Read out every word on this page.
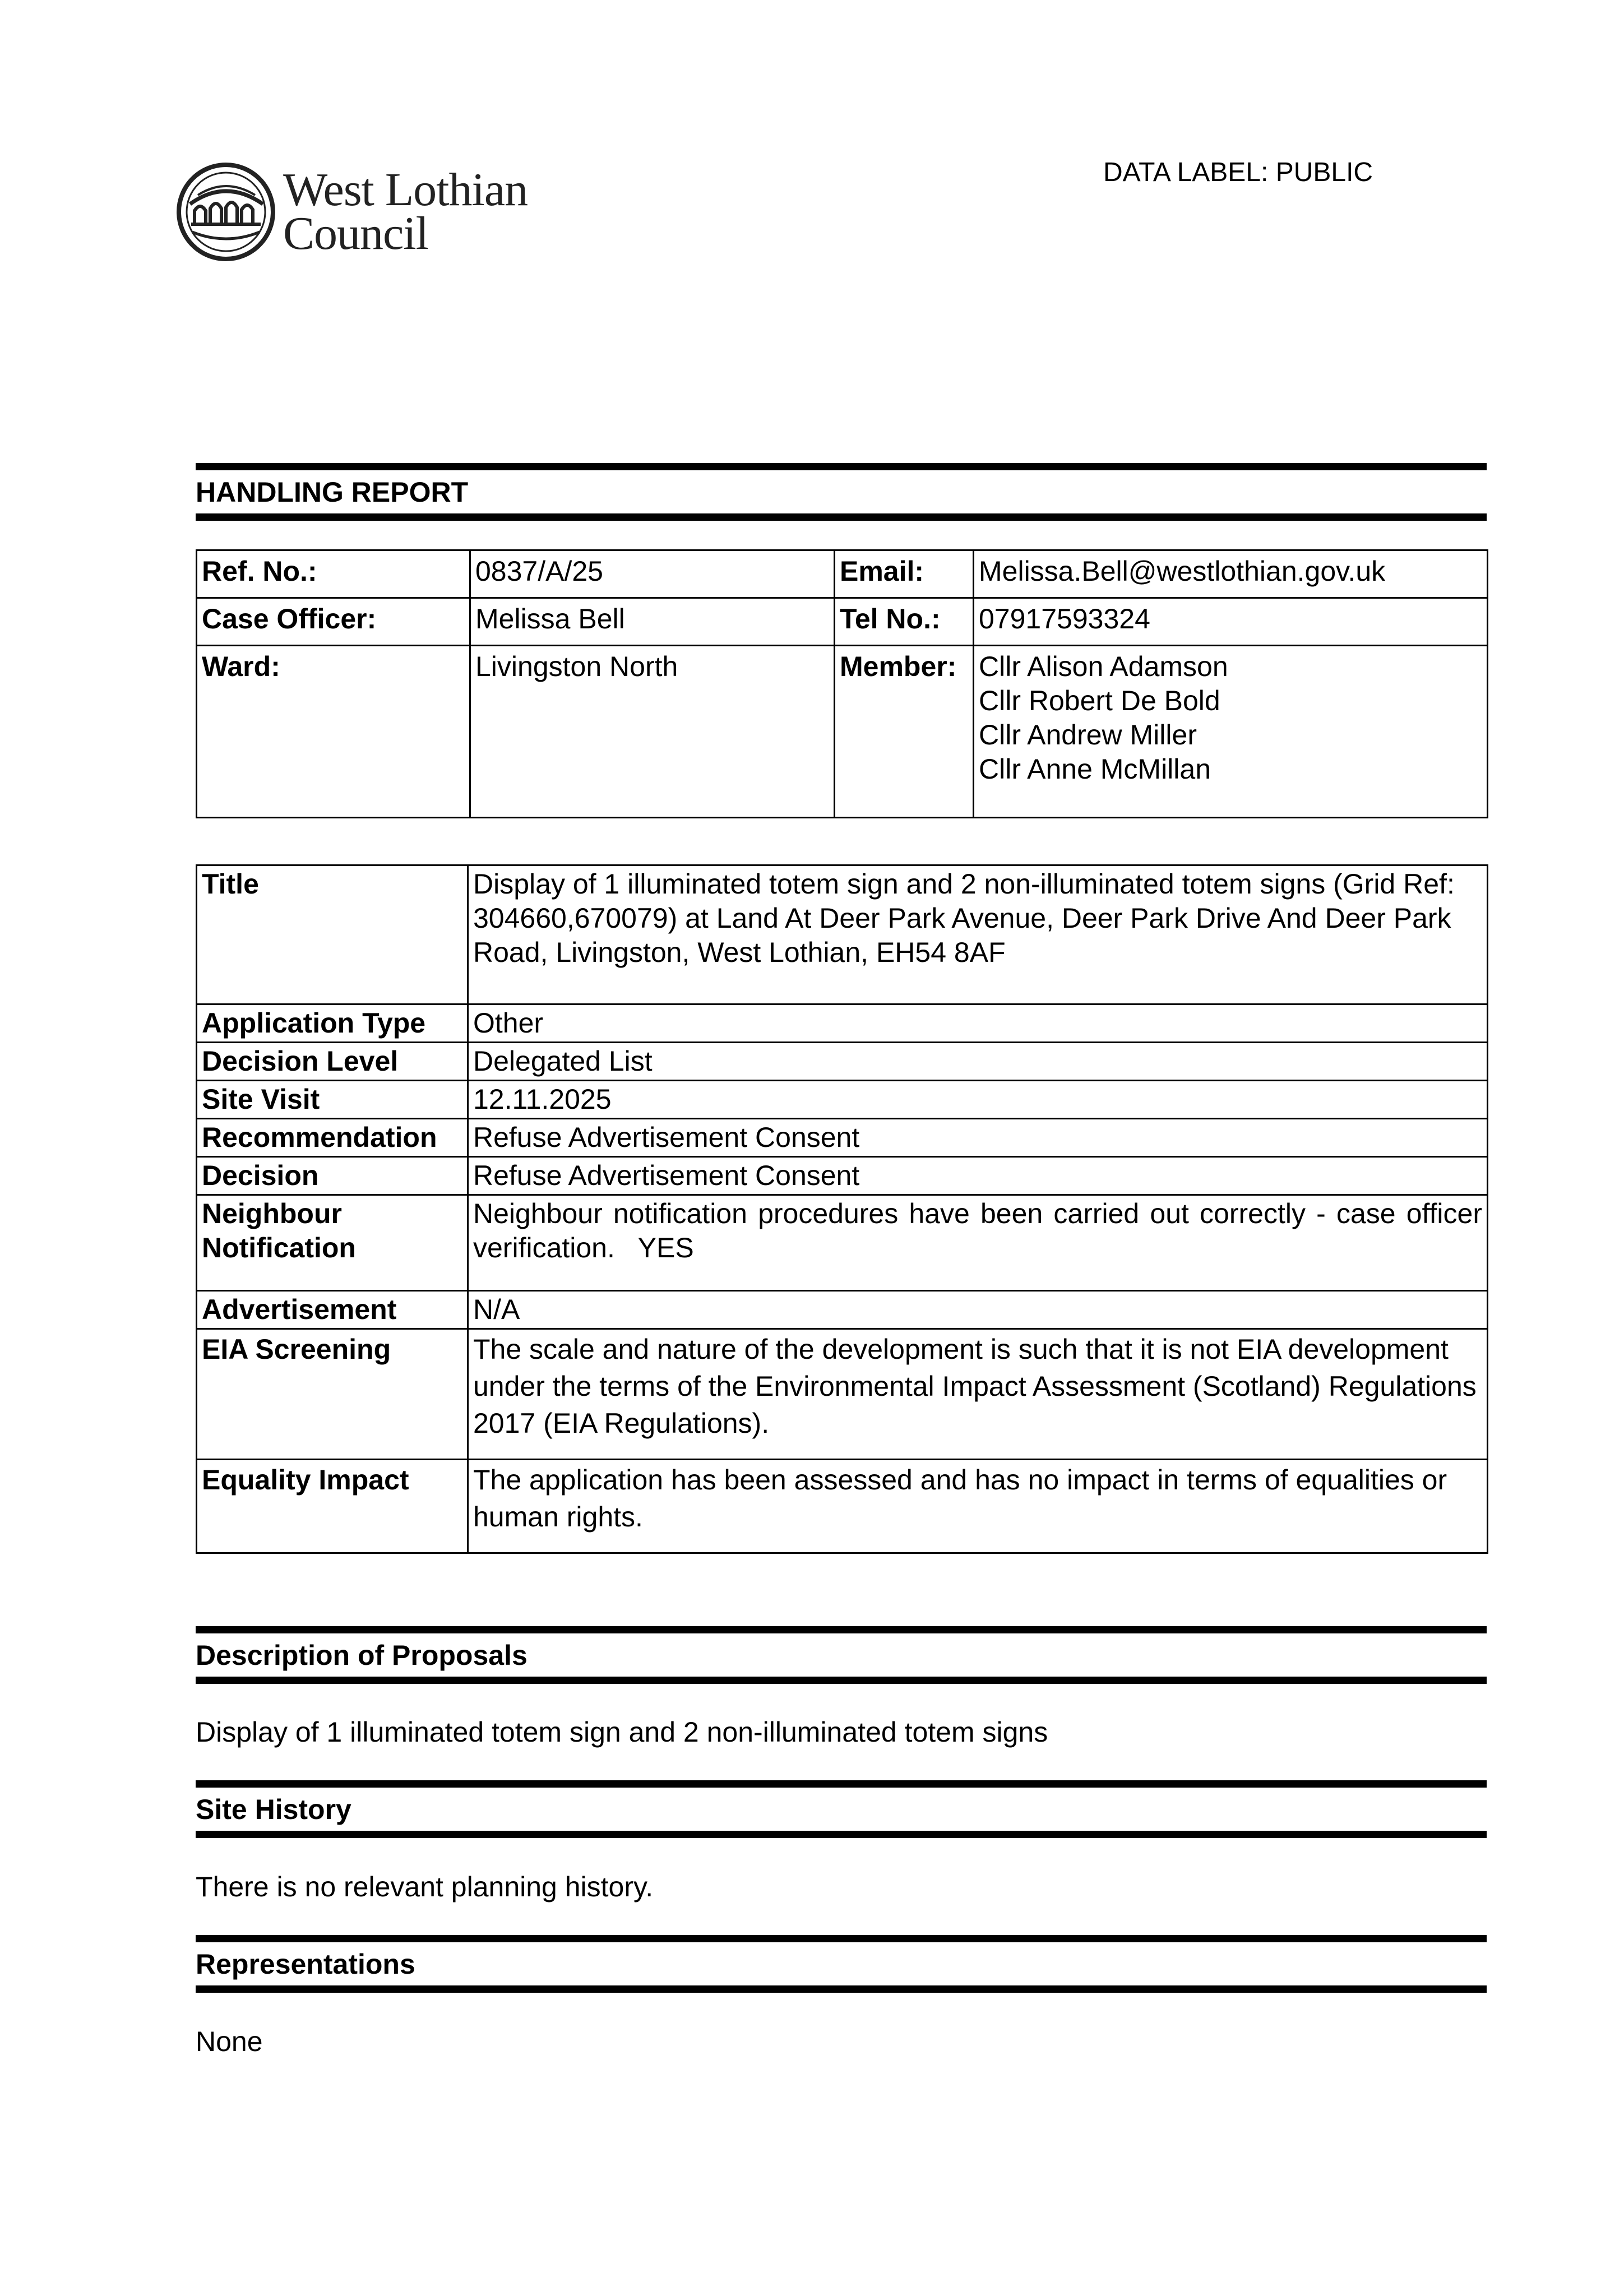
West Lothian
Council
DATA LABEL: PUBLIC
HANDLING REPORT
Ref. No.:	0837/A/25	Email:	Melissa.Bell@westlothian.gov.uk
Case Officer:	Melissa Bell	Tel No.:	07917593324
Ward:	Livingston North	Member:	Cllr Alison Adamson
Cllr Robert De Bold
Cllr Andrew Miller
Cllr Anne McMillan
Title	Display of 1 illuminated totem sign and 2 non-illuminated totem signs (Grid Ref: 304660,670079) at Land At Deer Park Avenue, Deer Park Drive And Deer Park Road, Livingston, West Lothian, EH54 8AF
Application Type	Other
Decision Level	Delegated List
Site Visit	12.11.2025
Recommendation	Refuse Advertisement Consent
Decision	Refuse Advertisement Consent
Neighbour Notification	Neighbour notification procedures have been carried out correctly - case officer verification.   YES
Advertisement	N/A
EIA Screening	The scale and nature of the development is such that it is not EIA development under the terms of the Environmental Impact Assessment (Scotland) Regulations 2017 (EIA Regulations).
Equality Impact	The application has been assessed and has no impact in terms of equalities or human rights.
Description of Proposals
Display of 1 illuminated totem sign and 2 non-illuminated totem signs
Site History
There is no relevant planning history.
Representations
None
